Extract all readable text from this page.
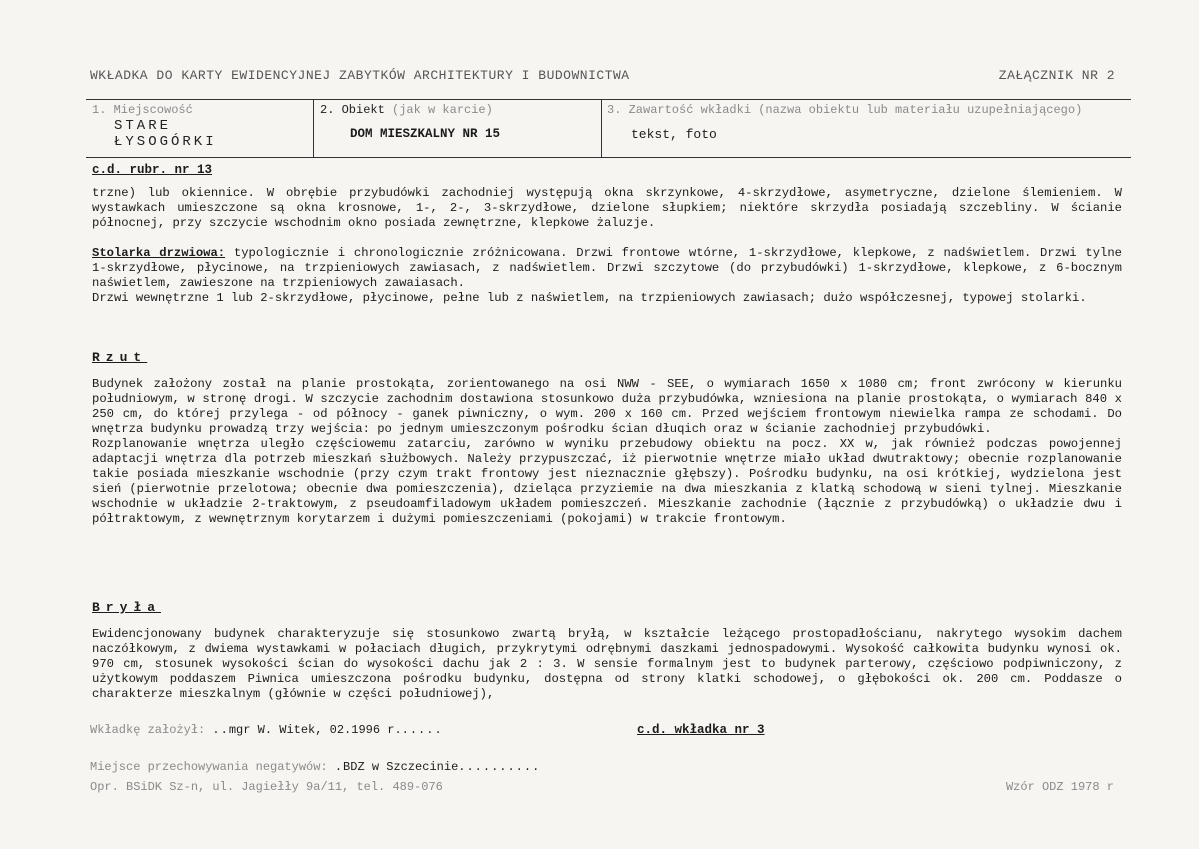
WKŁADKA DO KARTY EWIDENCYJNEJ ZABYTKÓW ARCHITEKTURY I BUDOWNICTWA	ZAŁĄCZNIK NR 2
1. Miejscowość
STARE
ŁYSOGÓRKI
2. Obiekt (jak w karcie)
DOM MIESZKALNY NR 15
3. Zawartość wkładki (nazwa obiektu lub materiału uzupełniającego)
tekst, foto
c.d. rubr. nr 13
trzne) lub okiennice. W obrębie przybudówki zachodniej występują okna skrzynkowe, 4-skrzydłowe, asymetryczne, dzielone ślemieniem. W wystawkach umieszczone są okna krosnowe, 1-, 2-, 3-skrzydłowe, dzielone słupkiem; niektóre skrzydła posiadają szczebliny. W ścianie północnej, przy szczycie wschodnim okno posiada zewnętrzne, klepkowe żaluzje.
Stolarka drzwiowa: typologicznie i chronologicznie zróżnicowana. Drzwi frontowe wtórne, 1-skrzydłowe, klepkowe, z nadświetlem. Drzwi tylne 1-skrzydłowe, płycinowe, na trzpieniowych zawiasach, z nadświetlem. Drzwi szczytowe (do przybudówki) 1-skrzydłowe, klepkowe, z 6-bocznym naświetlem, zawieszone na trzpieniowych zawaiasach.
Drzwi wewnętrzne 1 lub 2-skrzydłowe, płycinowe, pełne lub z naświetlem, na trzpieniowych zawiasach; dużo współczesnej, typowej stolarki.
Rzut
Budynek założony został na planie prostokąta, zorientowanego na osi NWW - SEE, o wymiarach 1650 x 1080 cm; front zwrócony w kierunku południowym, w stronę drogi. W szczycie zachodnim dostawiona stosunkowo duża przybudówka, wzniesiona na planie prostokąta, o wymiarach 840 x 250 cm, do której przylega - od północy - ganek piwniczny, o wym. 200 x 160 cm. Przed wejściem frontowym niewielka rampa ze schodami. Do wnętrza budynku prowadzą trzy wejścia: po jednym umieszczonym pośrodku ścian dłuqich oraz w ścianie zachodniej przybudówki.
Rozplanowanie wnętrza uległo częściowemu zatarciu, zarówno w wyniku przebudowy obiektu na pocz. XX w, jak również podczas powojennej adaptacji wnętrza dla potrzeb mieszkań służbowych. Należy przypuszczać, iż pierwotnie wnętrze miało układ dwutraktowy; obecnie rozplanowanie takie posiada mieszkanie wschodnie (przy czym trakt frontowy jest nieznacznie głębszy). Pośrodku budynku, na osi krótkiej, wydzielona jest sień (pierwotnie przelotowa; obecnie dwa pomieszczenia), dzieląca przyziemie na dwa mieszkania z klatką schodową w sieni tylnej. Mieszkanie wschodnie w układzie 2-traktowym, z pseudoamfiladowym układem pomieszczeń. Mieszkanie zachodnie (łącznie z przybudówką) o układzie dwu i półtraktowym, z wewnętrznym korytarzem i dużymi pomieszczeniami (pokojami) w trakcie frontowym.
Bryła
Ewidencjonowany budynek charakteryzuje się stosunkowo zwartą bryłą, w kształcie leżącego prostopadłościanu, nakrytego wysokim dachem naczółkowym, z dwiema wystawkami w połaciach długich, przykrytymi odrębnymi daszkami jednospadowymi. Wysokość całkowita budynku wynosi ok. 970 cm, stosunek wysokości ścian do wysokości dachu jak 2 : 3. W sensie formalnym jest to budynek parterowy, częściowo podpiwniczony, z użytkowym poddaszem Piwnica umieszczona pośrodku budynku, dostępna od strony klatki schodowej, o głębokości ok. 200 cm. Poddasze o charakterze mieszkalnym (głównie w części południowej),
Wkładkę założył: ..mgr W. Witek, 02.1996 r......	c.d. wkładka nr 3
Miejsce przechowywania negatywów: .BDZ w Szczecinie..........
Opr. BSiDK Sz-n, ul. Jagiełły 9a/11, tel. 489-076	Wzór ODZ 1978 r
